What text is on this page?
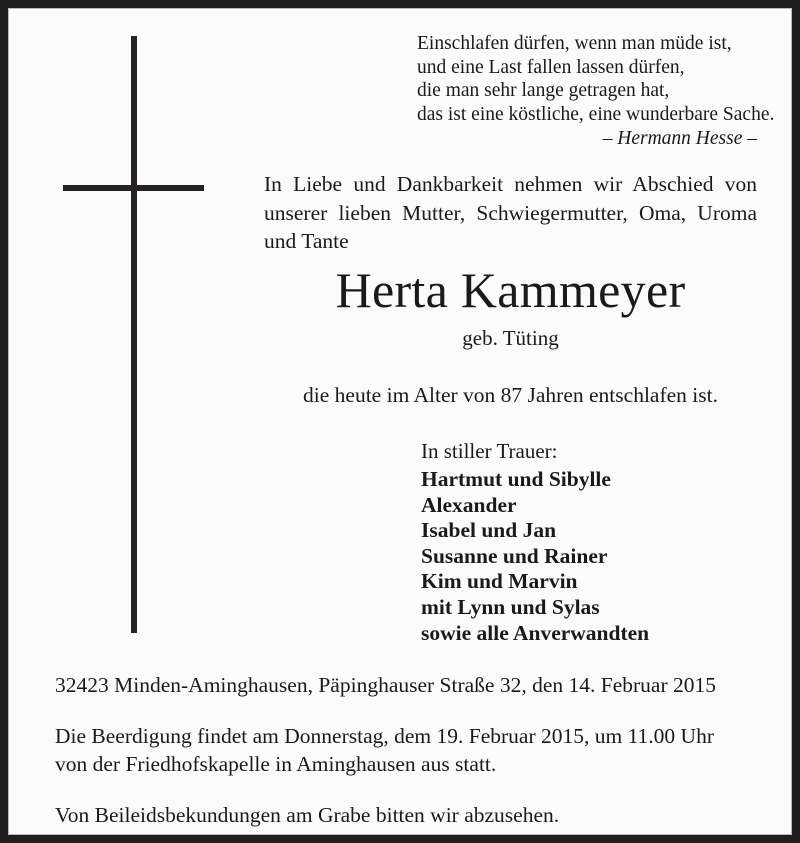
Einschlafen dürfen, wenn man müde ist,
und eine Last fallen lassen dürfen,
die man sehr lange getragen hat,
das ist eine köstliche, eine wunderbare Sache.
– Hermann Hesse –
In Liebe und Dankbarkeit nehmen wir Abschied von unserer lieben Mutter, Schwiegermutter, Oma, Uroma und Tante
Herta Kammeyer
geb. Tüting
die heute im Alter von 87 Jahren entschlafen ist.
In stiller Trauer:
Hartmut und Sibylle
Alexander
Isabel und Jan
Susanne und Rainer
Kim und Marvin
mit Lynn und Sylas
sowie alle Anverwandten
32423 Minden-Aminghausen, Päpinghauser Straße 32, den 14. Februar 2015
Die Beerdigung findet am Donnerstag, dem 19. Februar 2015, um 11.00 Uhr
von der Friedhofskapelle in Aminghausen aus statt.
Von Beileidsbekundungen am Grabe bitten wir abzusehen.
